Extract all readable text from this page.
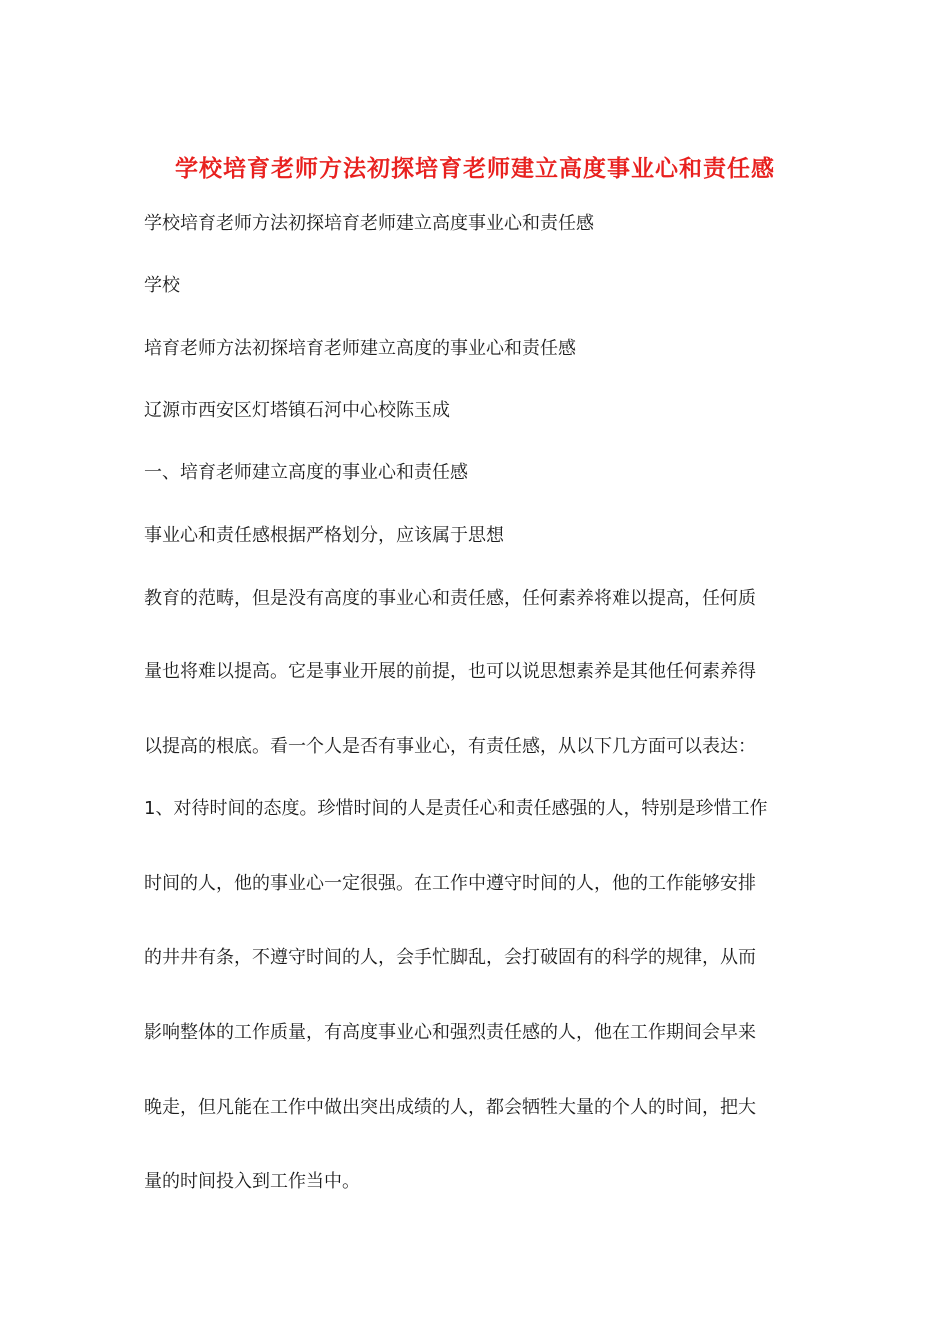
学校培育老师方法初探培育老师建立高度事业心和责任感
学校培育老师方法初探培育老师建立高度事业心和责任感
学校
培育老师方法初探培育老师建立高度的事业心和责任感
辽源市西安区灯塔镇石河中心校陈玉成
一、培育老师建立高度的事业心和责任感
事业心和责任感根据严格划分，应该属于思想
教育的范畴，但是没有高度的事业心和责任感，任何素养将难以提高，任何质
量也将难以提高。它是事业开展的前提，也可以说思想素养是其他任何素养得
以提高的根底。看一个人是否有事业心，有责任感，从以下几方面可以表达：
1、对待时间的态度。珍惜时间的人是责任心和责任感强的人，特别是珍惜工作
时间的人，他的事业心一定很强。在工作中遵守时间的人，他的工作能够安排
的井井有条，不遵守时间的人，会手忙脚乱，会打破固有的科学的规律，从而
影响整体的工作质量，有高度事业心和强烈责任感的人，他在工作期间会早来
晚走，但凡能在工作中做出突出成绩的人，都会牺牲大量的个人的时间，把大
量的时间投入到工作当中。
